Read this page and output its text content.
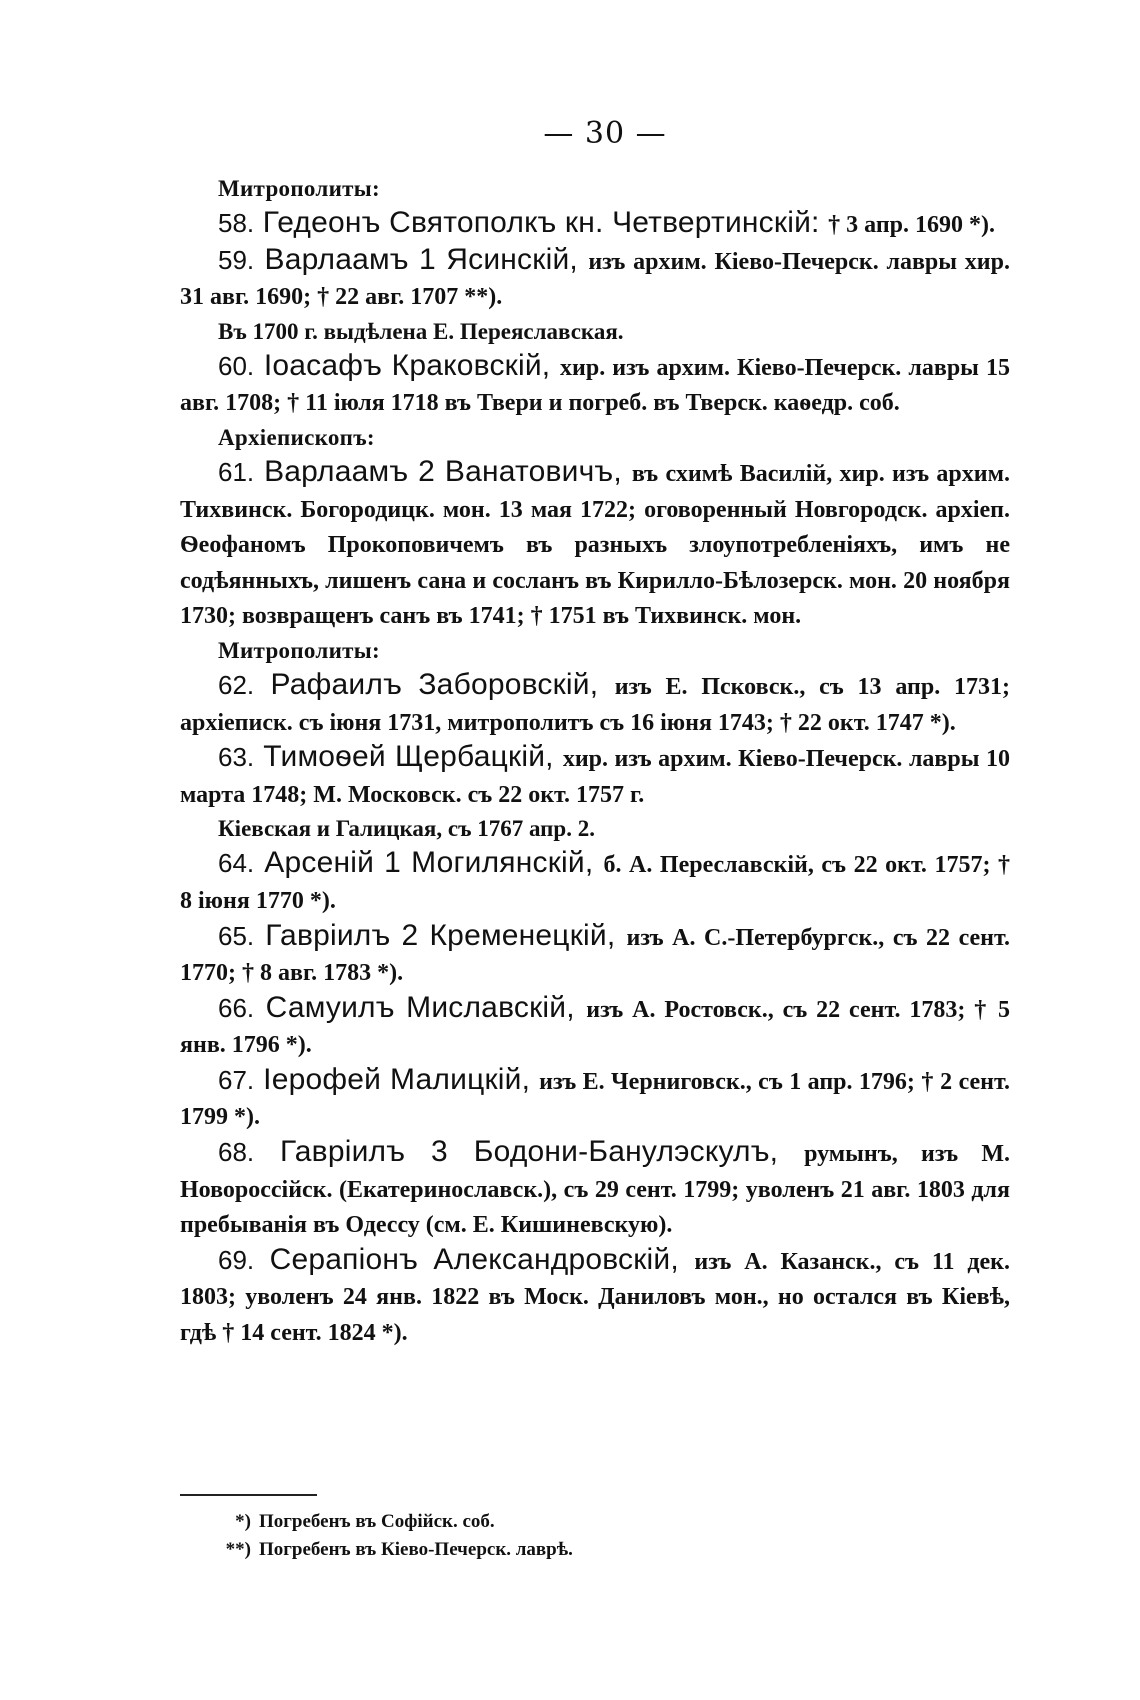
— 30 —
Митрополиты:
58. Гедеонъ Святополкъ кн. Четвертинскій: † 3 апр. 1690 *).
59. Варлаамъ 1 Ясинскій, изъ архим. Кіево-Печерск. лавры хир. 31 авг. 1690; † 22 авг. 1707 **).
Въ 1700 г. выдѣлена Е. Переяславская.
60. Іоасафъ Краковскій, хир. изъ архим. Кіево-Печерск. лавры 15 авг. 1708; † 11 іюля 1718 въ Твери и погреб. въ Тверск. каѳедр. соб.
Архіепископъ:
61. Варлаамъ 2 Ванатовичъ, въ схимѣ Василій, хир. изъ архим. Тихвинск. Богородицк. мон. 13 мая 1722; оговоренный Новгородск. архіеп. Ѳеофаномъ Прокоповичемъ въ разныхъ злоупотребленіяхъ, имъ не содѣянныхъ, лишенъ сана и сосланъ въ Кирилло-Бѣлозерск. мон. 20 ноября 1730; возвращенъ санъ въ 1741; † 1751 въ Тихвинск. мон.
Митрополиты:
62. Рафаилъ Заборовскій, изъ Е. Псковск., съ 13 апр. 1731; архіеписк. съ іюня 1731, митрополитъ съ 16 іюня 1743; † 22 окт. 1747 *).
63. Тимоѳей Щербацкій, хир. изъ архим. Кіево-Печерск. лавры 10 марта 1748; М. Московск. съ 22 окт. 1757 г.
Кіевская и Галицкая, съ 1767 апр. 2.
64. Арсеній 1 Могилянскій, б. А. Переславскій, съ 22 окт. 1757; † 8 іюня 1770 *).
65. Гавріилъ 2 Кременецкій, изъ А. С.-Петербургск., съ 22 сент. 1770; † 8 авг. 1783 *).
66. Самуилъ Миславскій, изъ А. Ростовск., съ 22 сент. 1783; † 5 янв. 1796 *).
67. Іерофей Малицкій, изъ Е. Черниговск., съ 1 апр. 1796; † 2 сент. 1799 *).
68. Гавріилъ 3 Бодони-Банулэскулъ, румынъ, изъ М. Новороссійск. (Екатеринославск.), съ 29 сент. 1799; уволенъ 21 авг. 1803 для пребыванія въ Одессу (см. Е. Кишиневскую).
69. Серапіонъ Александровскій, изъ А. Казанск., съ 11 дек. 1803; уволенъ 24 янв. 1822 въ Моск. Даниловъ мон., но остался въ Кіевѣ, гдѣ † 14 сент. 1824 *).
*) Погребенъ въ Софійск. соб.
**) Погребенъ въ Кіево-Печерск. лаврѣ.
